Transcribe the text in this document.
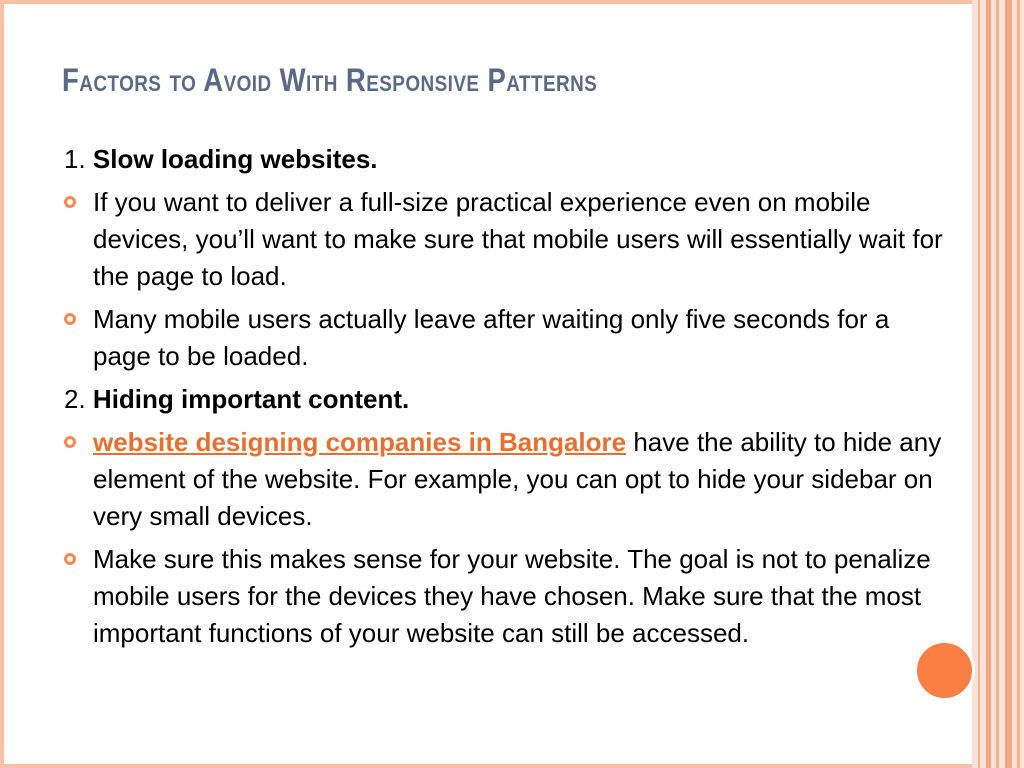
Factors to Avoid With Responsive Patterns

1. Slow loading websites.

If you want to deliver a full-size practical experience even on mobile devices, you’ll want to make sure that mobile users will essentially wait for the page to load.
Many mobile users actually leave after waiting only five seconds for a page to be loaded.

2. Hiding important content.

website designing companies in Bangalore have the ability to hide any element of the website. For example, you can opt to hide your sidebar on very small devices.
Make sure this makes sense for your website. The goal is not to penalize mobile users for the devices they have chosen. Make sure that the most important functions of your website can still be accessed.
